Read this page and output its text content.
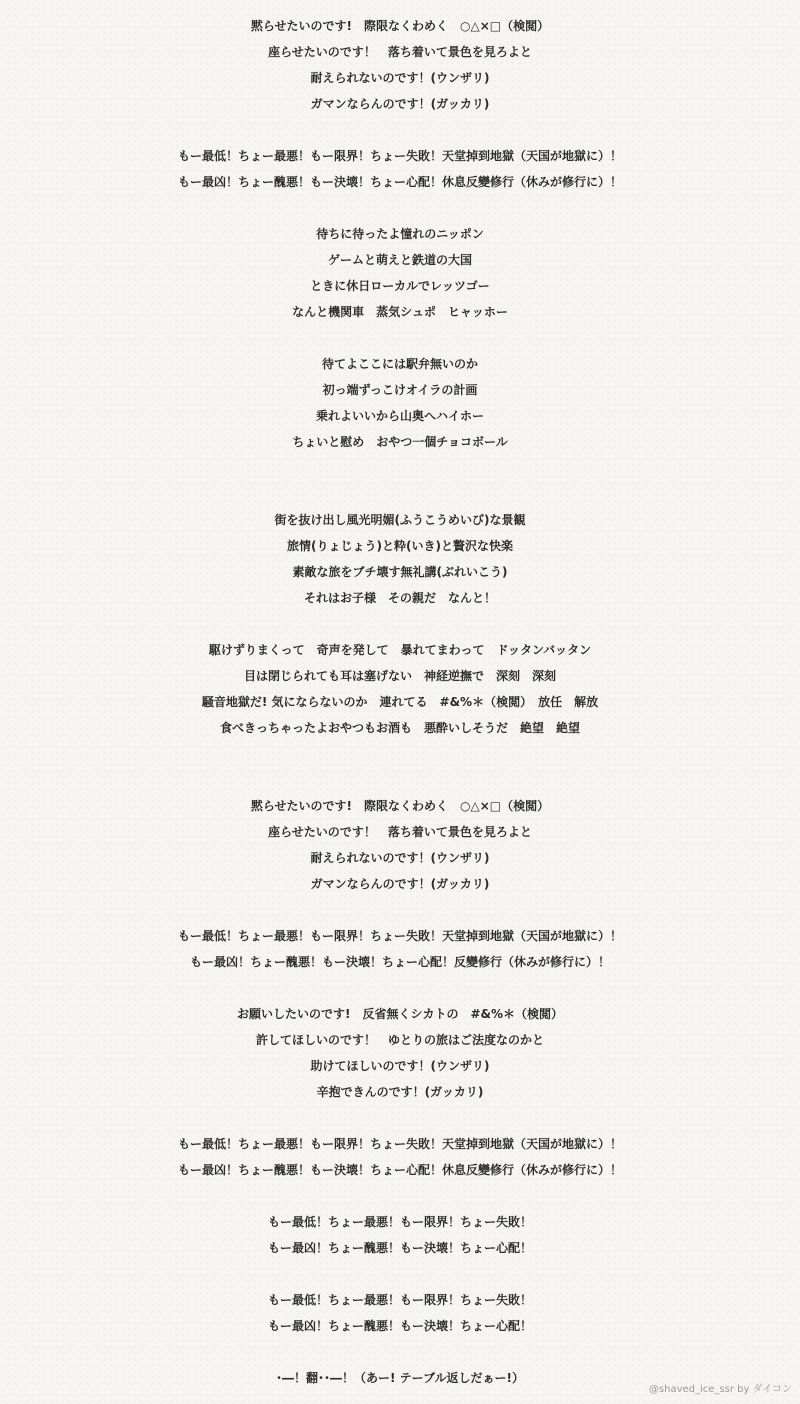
黙らせたいのです!　際限なくわめく　○△×□（検閲）
座らせたいのです！　落ち着いて景色を見ろよと
耐えられないのです！(ウンザリ)
ガマンならんのです！(ガッカリ)
もー最低！ちょー最悪！もー限界！ちょー失敗！天堂掉到地獄（天国が地獄に）！
もー最凶！ちょー醜悪！もー決壊！ちょー心配！休息反變修行（休みが修行に）！
待ちに待ったよ憧れのニッポン
ゲームと萌えと鉄道の大国
ときに休日ローカルでレッツゴー
なんと機関車　蒸気シュポ　ヒャッホー
待てよここには駅弁無いのか
初っ端ずっこけオイラの計画
乗れよいいから山奥へハイホー
ちょいと慰め　おやつ一個チョコボール
街を抜け出し風光明媚(ふうこうめいび)な景観
旅情(りょじょう)と粋(いき)と贅沢な快楽
素敵な旅をブチ壊す無礼講(ぶれいこう)
それはお子様　その親だ　なんと！
駆けずりまくって　奇声を発して　暴れてまわって　ドッタンバッタン
目は閉じられても耳は塞げない　神経逆撫で　深刻　深刻
騒音地獄だ! 気にならないのか　連れてる　#&%＊（検閲）　放任　解放
食べきっちゃったよおやつもお酒も　悪酔いしそうだ　絶望　絶望
黙らせたいのです!　際限なくわめく　○△×□（検閲）
座らせたいのです！　落ち着いて景色を見ろよと
耐えられないのです！(ウンザリ)
ガマンならんのです！(ガッカリ)
もー最低！ちょー最悪！もー限界！ちょー失敗！天堂掉到地獄（天国が地獄に）！
もー最凶！ちょー醜悪！もー決壊！ちょー心配！反變修行（休みが修行に）！
お願いしたいのです!　反省無くシカトの　#&%＊（検閲）
許してほしいのです！　ゆとりの旅はご法度なのかと
助けてほしいのです！(ウンザリ)
辛抱できんのです！(ガッカリ)
もー最低！ちょー最悪！もー限界！ちょー失敗！天堂掉到地獄（天国が地獄に）！
もー最凶！ちょー醜悪！もー決壊！ちょー心配！休息反變修行（休みが修行に）！
もー最低！ちょー最悪！もー限界！ちょー失敗！
もー最凶！ちょー醜悪！もー決壊！ちょー心配！
もー最低！ちょー最悪！もー限界！ちょー失敗！
もー最凶！ちょー醜悪！もー決壊！ちょー心配！
･―！翻･･―！（あー! テーブル返しだぁー!）
@shaved_ice_ssr by ダイコン
